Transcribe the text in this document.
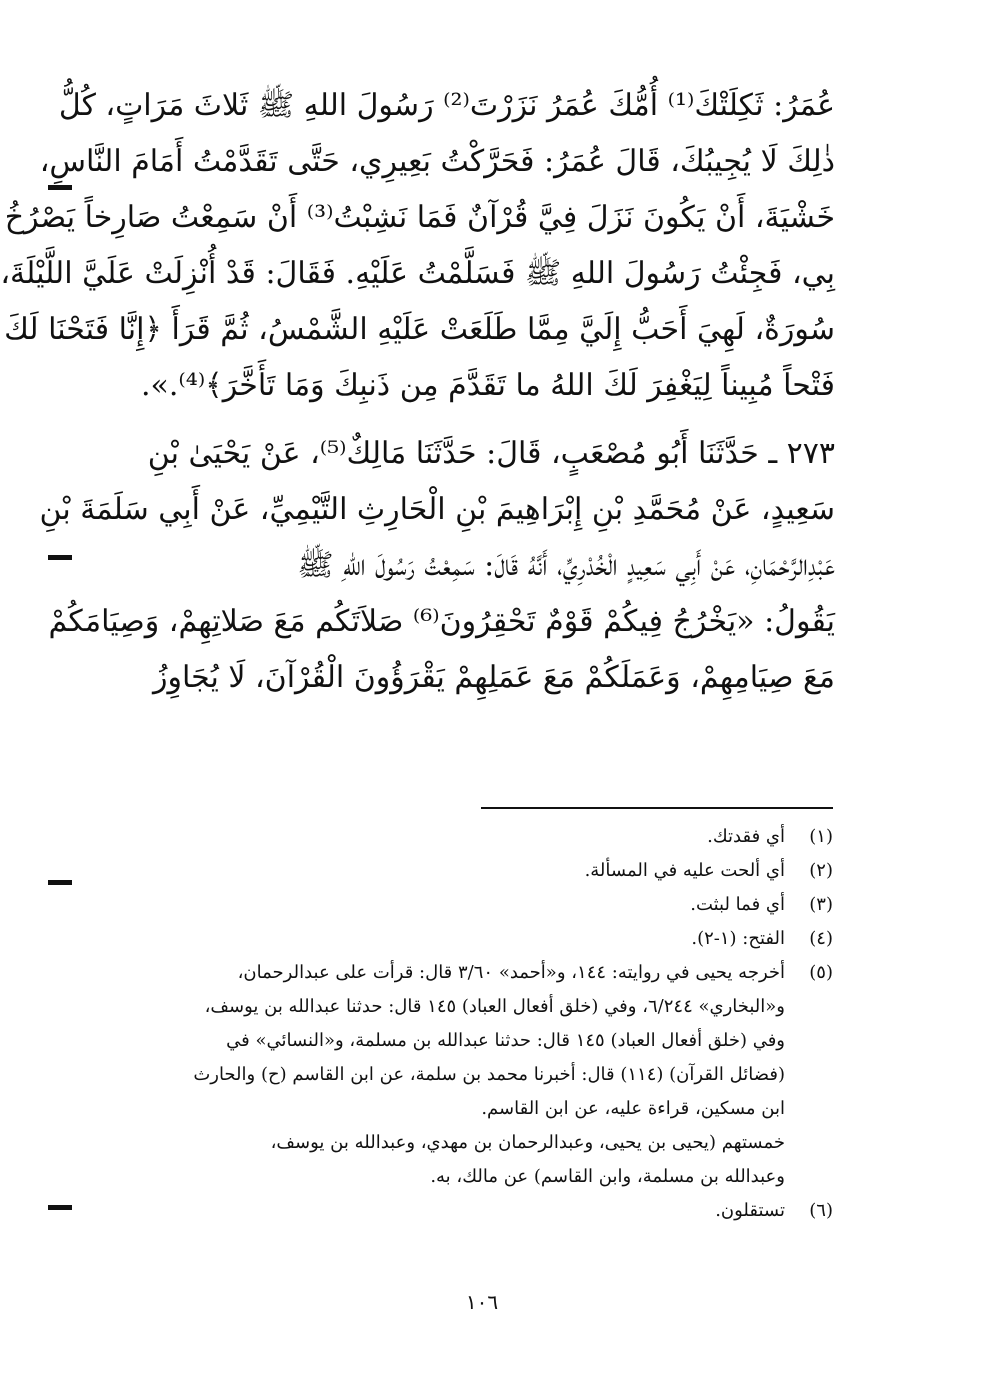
عُمَرُ: ثَكِلَتْكَ⁽¹⁾ أُمُّكَ عُمَرُ نَزَرْتَ⁽²⁾ رَسُولَ اللهِ ﷺ ثَلاثَ مَرَاتٍ، كُلُّ
ذٰلِكَ لَا يُجِيبُكَ، قَالَ عُمَرُ: فَحَرَّكْتُ بَعِيرِي، حَتَّى تَقَدَّمْتُ أَمَامَ النَّاسِ،
خَشْيَةَ، أَنْ يَكُونَ نَزَلَ فِيَّ قُرْآنٌ فَمَا نَشِبْتُ⁽³⁾ أَنْ سَمِعْتُ صَارِخاً يَصْرُخُ
بِي، فَجِئْتُ رَسُولَ اللهِ ﷺ فَسَلَّمْتُ عَلَيْهِ. فَقَالَ: قَدْ أُنْزِلَتْ عَلَيَّ اللَّيْلَةَ،
سُورَةٌ، لَهِيَ أَحَبُّ إِلَيَّ مِمَّا طَلَعَتْ عَلَيْهِ الشَّمْسُ، ثُمَّ قَرَأَ ﴿إِنَّا فَتَحْنَا لَكَ
فَتْحاً مُبِيناً لِيَغْفِرَ لَكَ اللهُ ما تَقَدَّمَ مِن ذَنبِكَ وَمَا تَأَخَّرَ﴾⁽⁴⁾.».
٢٧٣ ـ حَدَّثَنَا أَبُو مُصْعَبٍ، قَالَ: حَدَّثَنَا مَالِكٌ⁽⁵⁾، عَنْ يَحْيَىٰ بْنِ
سَعِيدٍ، عَنْ مُحَمَّدِ بْنِ إِبْرَاهِيمَ بْنِ الْحَارِثِ التَّيْمِيِّ، عَنْ أَبِي سَلَمَةَ بْنِ
عَبْدِالرَّحْمَانِ، عَنْ أَبِي سَعِيدٍ الْخُدْرِيِّ، أَنَّهُ قَالَ: سَمِعْتُ رَسُولَ اللهِ ﷺ
يَقُولُ: «يَخْرُجُ فِيكُمْ قَوْمٌ تَحْقِرُونَ⁽⁶⁾ صَلاَتَكُم مَعَ صَلاتِهِمْ، وَصِيَامَكُمْ
مَعَ صِيَامِهِمْ، وَعَمَلَكُمْ مَعَ عَمَلِهِمْ يَقْرَؤُونَ الْقُرْآنَ، لَا يُجَاوِزُ
(١)
أي فقدتك.
(٢)
أي ألحت عليه في المسألة.
(٣)
أي فما لبثت.
(٤)
الفتح: (١-٢).
(٥)
أخرجه يحيى في روايته: ١٤٤، و«أحمد» ٣/٦٠ قال: قرأت على عبدالرحمان،
و«البخاري» ٦/٢٤٤، وفي (خلق أفعال العباد) ١٤٥ قال: حدثنا عبدالله بن يوسف،
وفي (خلق أفعال العباد) ١٤٥ قال: حدثنا عبدالله بن مسلمة، و«النسائي» في
(فضائل القرآن) (١١٤) قال: أخبرنا محمد بن سلمة، عن ابن القاسم (ح) والحارث
ابن مسكين، قراءة عليه، عن ابن القاسم.
خمستهم (يحيى بن يحيى، وعبدالرحمان بن مهدي، وعبدالله بن يوسف،
وعبدالله بن مسلمة، وابن القاسم) عن مالك، به.
(٦)
تستقلون.
١٠٦
